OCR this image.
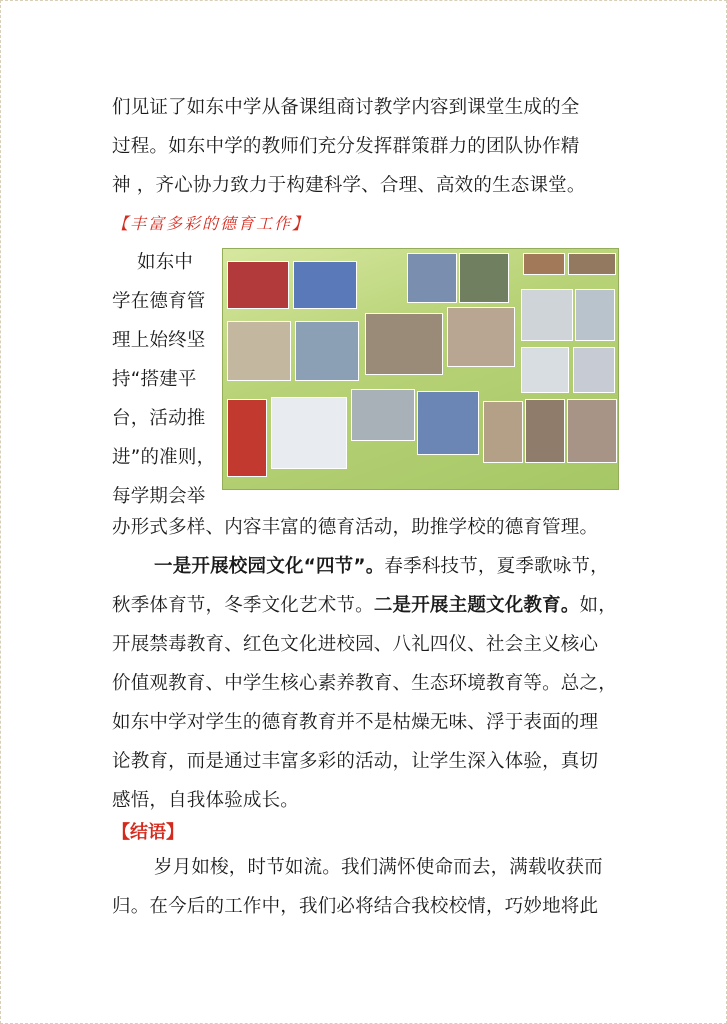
们见证了如东中学从备课组商讨教学内容到课堂生成的全
过程。如东中学的教师们充分发挥群策群力的团队协作精
神 ，齐心协力致力于构建科学、合理、高效的生态课堂。
【丰富多彩的德育工作】
如东中
学在德育管
理上始终坚
持“搭建平
台，活动推
进”的准则，
每学期会举
办形式多样、内容丰富的德育活动，助推学校的德育管理。
一是开展校园文化“四节”。春季科技节，夏季歌咏节，
秋季体育节，冬季文化艺术节。二是开展主题文化教育。如，
开展禁毒教育、红色文化进校园、八礼四仪、社会主义核心
价值观教育、中学生核心素养教育、生态环境教育等。总之，
如东中学对学生的德育教育并不是枯燥无味、浮于表面的理
论教育，而是通过丰富多彩的活动，让学生深入体验，真切
感悟，自我体验成长。
【结语】
岁月如梭，时节如流。我们满怀使命而去，满载收获而
归。在今后的工作中，我们必将结合我校校情，巧妙地将此
